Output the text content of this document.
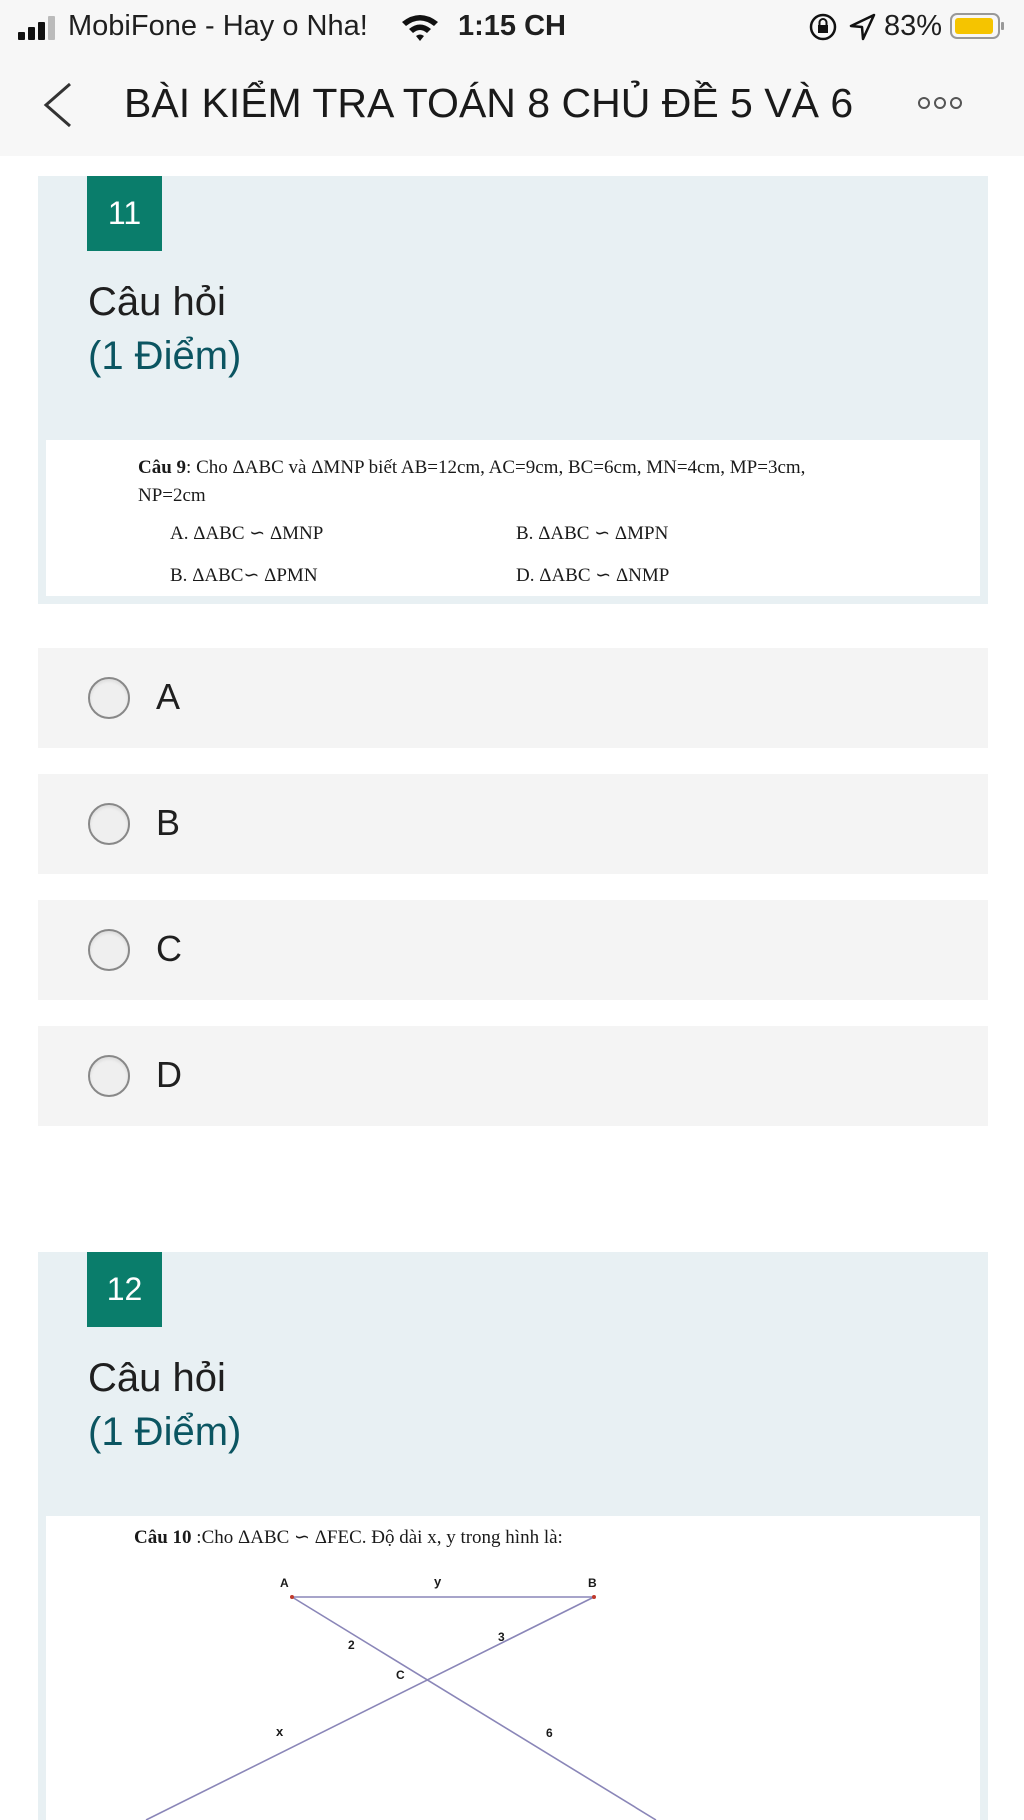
MobiFone - Hay o Nha!	1:15 CH	83%
BÀI KIỂM TRA TOÁN 8 CHỦ ĐỀ 5 VÀ 6
11
Câu hỏi
(1 Điểm)
Câu 9: Cho ΔABC và ΔMNP biết AB=12cm, AC=9cm, BC=6cm, MN=4cm, MP=3cm,
NP=2cm
A. ΔABC ∽ ΔMNP	B. ΔABC ∽ ΔMPN
B. ΔABC∽ ΔPMN	D. ΔABC ∽ ΔNMP
A
B
C
D
12
Câu hỏi
(1 Điểm)
Câu 10 :Cho ΔABC ∽ ΔFEC. Độ dài x, y trong hình là:
A	B
y
2
3
C
x	6
